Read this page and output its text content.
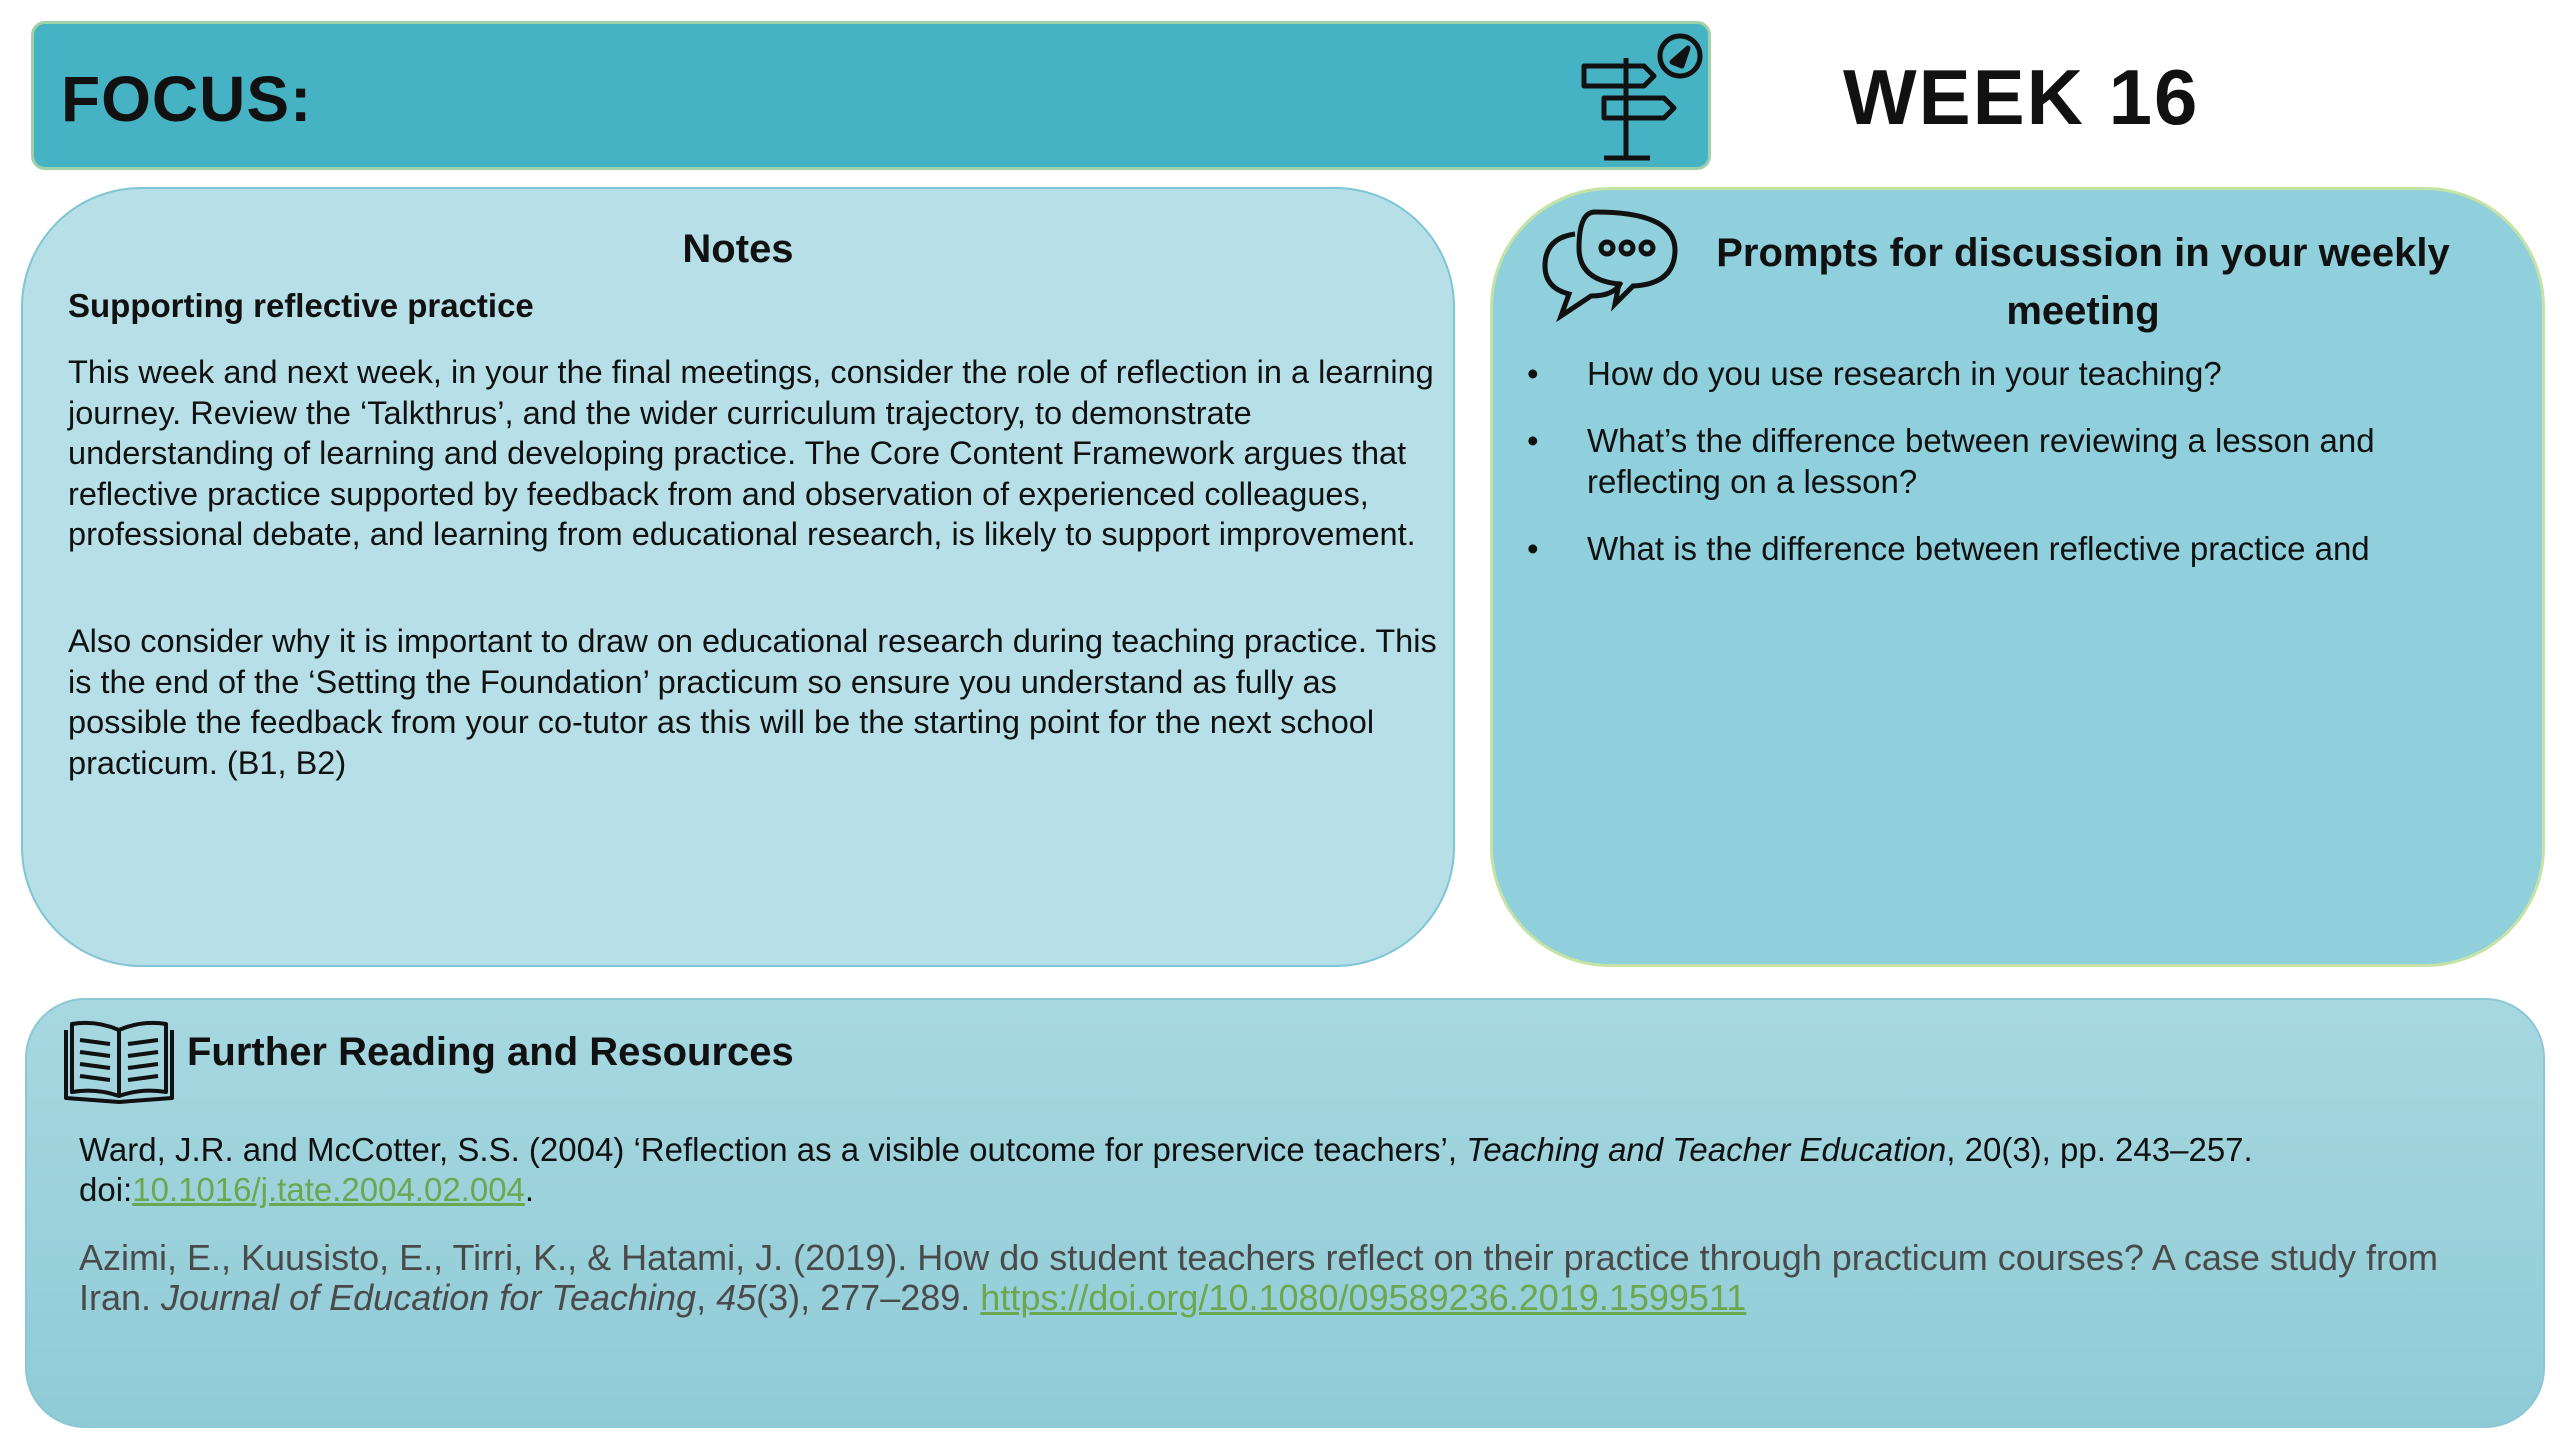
FOCUS:	WEEK 16
Notes
Supporting reflective practice

This week and next week, in your the final meetings, consider the role of reflection in a learning journey. Review the ‘Talkthrus’, and the wider curriculum trajectory, to demonstrate understanding of learning and developing practice. The Core Content Framework argues that reflective practice supported by feedback from and observation of experienced colleagues, professional debate, and learning from educational research, is likely to support improvement.

Also consider why it is important to draw on educational research during teaching practice. This is the end of the ‘Setting the Foundation’ practicum so ensure you understand as fully as possible the feedback from your co-tutor as this will be the starting point for the next school practicum. (B1, B2)

Prompts for discussion in your weekly meeting
• How do you use research in your teaching?
• What’s the difference between reviewing a lesson and reflecting on a lesson?
• What is the difference between reflective practice and
Further Reading and Resources

Ward, J.R. and McCotter, S.S. (2004) ‘Reflection as a visible outcome for preservice teachers’, Teaching and Teacher Education, 20(3), pp. 243–257. doi:10.1016/j.tate.2004.02.004.

Azimi, E., Kuusisto, E., Tirri, K., & Hatami, J. (2019). How do student teachers reflect on their practice through practicum courses? A case study from Iran. Journal of Education for Teaching, 45(3), 277–289. https://doi.org/10.1080/09589236.2019.1599511
